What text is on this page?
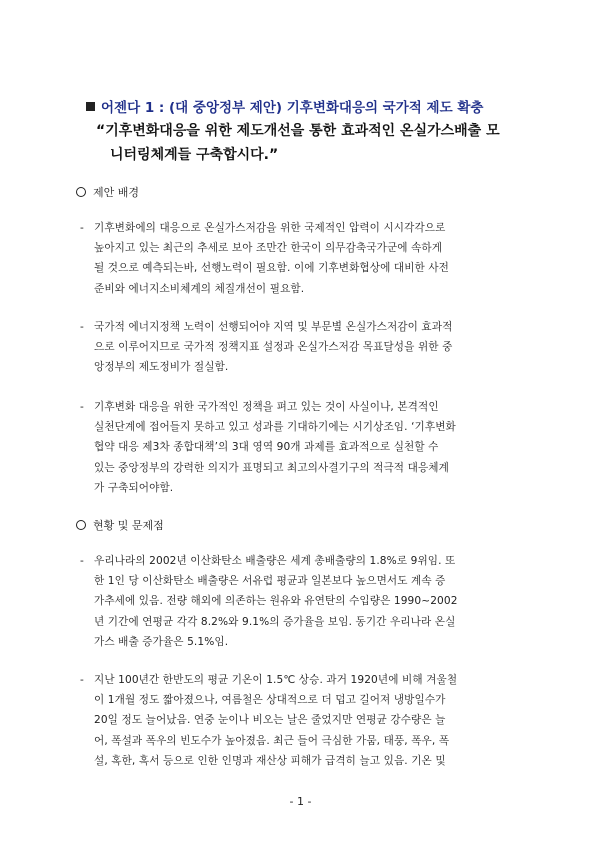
어젠다 1 : (대 중앙정부 제안) 기후변화대응의 국가적 제도 확충
“기후변화대응을 위한 제도개선을 통한 효과적인 온실가스배출 모
니터링체계들 구축합시다.”
제안 배경
- 기후변화에의 대응으로 온실가스저감을 위한 국제적인 압력이 시시각각으로
높아지고 있는 최근의 추세로 보아 조만간 한국이 의무감축국가군에 속하게
될 것으로 예측되는바, 선행노력이 필요함. 이에 기후변화협상에 대비한 사전
준비와 에너지소비체계의 체질개선이 필요함.
- 국가적 에너지정책 노력이 선행되어야 지역 및 부문별 온실가스저감이 효과적
으로 이루어지므로 국가적 정책지표 설정과 온실가스저감 목표달성을 위한 중
앙정부의 제도정비가 절실함.
- 기후변화 대응을 위한 국가적인 정책을 펴고 있는 것이 사실이나, 본격적인
실천단계에 접어들지 못하고 있고 성과를 기대하기에는 시기상조임. ‘기후변화
협약 대응 제3차 종합대책’의 3대 영역 90개 과제를 효과적으로 실천할 수
있는 중앙정부의 강력한 의지가 표명되고 최고의사결기구의 적극적 대응체계
가 구축되어야함.
현황 및 문제점
- 우리나라의 2002년 이산화탄소 배출량은 세계 총배출량의 1.8%로 9위임. 또
한 1인 당 이산화탄소 배출량은 서유럽 평균과 일본보다 높으면서도 계속 증
가추세에 있음. 전량 해외에 의존하는 원유와 유연탄의 수입량은 1990~2002
년 기간에 연평균 각각 8.2%와 9.1%의 증가율을 보임. 동기간 우리나라 온실
가스 배출 증가율은 5.1%임.
- 지난 100년간 한반도의 평균 기온이 1.5℃ 상승. 과거 1920년에 비해 겨울철
이 1개월 정도 짧아졌으나, 여름철은 상대적으로 더 덥고 길어져 냉방일수가
20일 정도 늘어났음. 연중 눈이나 비오는 날은 줄었지만 연평균 강수량은 늘
어, 폭설과 폭우의 빈도수가 높아졌음. 최근 들어 극심한 가뭄, 태풍, 폭우, 폭
설, 혹한, 혹서 등으로 인한 인명과 재산상 피해가 급격히 늘고 있음. 기온 및
- 1 -
